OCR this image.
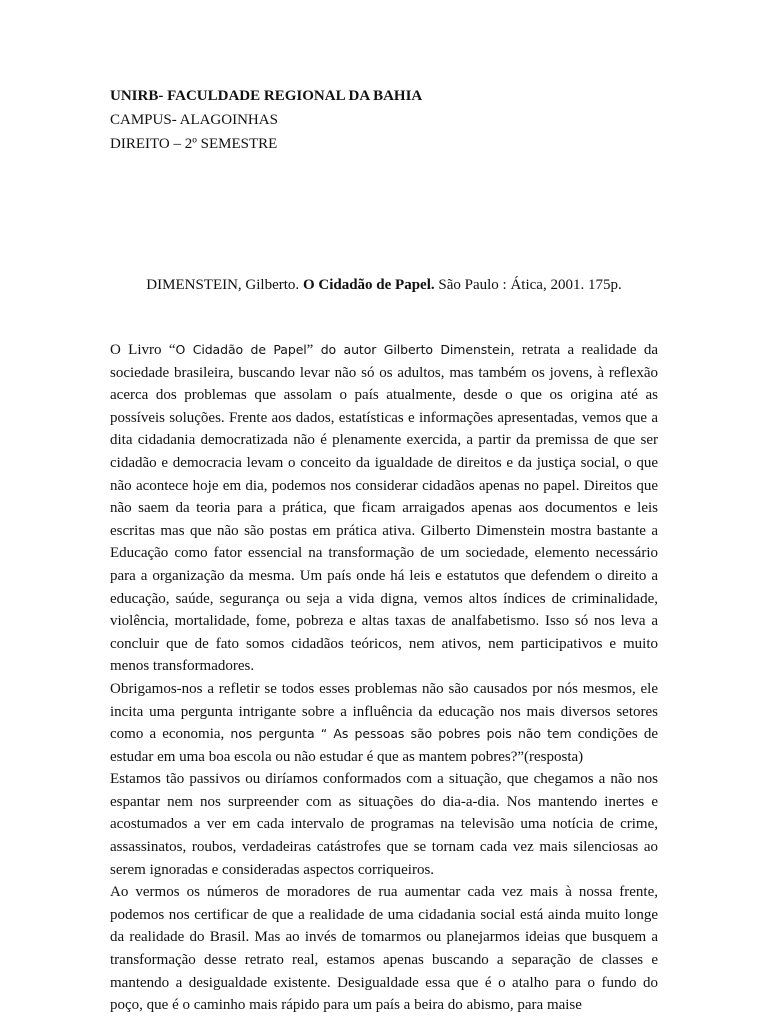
UNIRB- FACULDADE REGIONAL DA BAHIA
CAMPUS- ALAGOINHAS
DIREITO – 2º SEMESTRE
DIMENSTEIN, Gilberto. O Cidadão de Papel. São Paulo : Ática, 2001. 175p.

O Livro “O Cidadão de Papel” do autor Gilberto Dimenstein, retrata a realidade da sociedade brasileira, buscando levar não só os adultos, mas também os jovens, à reflexão acerca dos problemas que assolam o país atualmente, desde o que os origina até as possíveis soluções. Frente aos dados, estatísticas e informações apresentadas, vemos que a dita cidadania democratizada não é plenamente exercida, a partir da premissa de que ser cidadão e democracia levam o conceito da igualdade de direitos e da justiça social, o que não acontece hoje em dia, podemos nos considerar cidadãos apenas no papel. Direitos que não saem da teoria para a prática, que ficam arraigados apenas aos documentos e leis escritas mas que não são postas em prática ativa. Gilberto Dimenstein mostra bastante a Educação como fator essencial na transformação de um sociedade, elemento necessário para a organização da mesma. Um país onde há leis e estatutos que defendem o direito a educação, saúde, segurança ou seja a vida digna, vemos altos índices de criminalidade, violência, mortalidade, fome, pobreza e altas taxas de analfabetismo. Isso só nos leva a concluir que de fato somos cidadãos teóricos, nem ativos, nem participativos e muito menos transformadores.

Obrigamos-nos a refletir se todos esses problemas não são causados por nós mesmos, ele incita uma pergunta intrigante sobre a influência da educação nos mais diversos setores como a economia, nos pergunta “ As pessoas são pobres pois não tem condições de estudar em uma boa escola ou não estudar é que as mantem pobres?”(resposta)

Estamos tão passivos ou diríamos conformados com a situação, que chegamos a não nos espantar nem nos surpreender com as situações do dia-a-dia. Nos mantendo inertes e acostumados a ver em cada intervalo de programas na televisão uma notícia de crime, assassinatos, roubos, verdadeiras catástrofes que se tornam cada vez mais silenciosas ao serem ignoradas e consideradas aspectos corriqueiros.

Ao vermos os números de moradores de rua aumentar cada vez mais à nossa frente, podemos nos certificar de que a realidade de uma cidadania social está ainda muito longe da realidade do Brasil. Mas ao invés de tomarmos ou planejarmos ideias que busquem a transformação desse retrato real, estamos apenas buscando a separação de classes e mantendo a desigualdade existente. Desigualdade essa que é o atalho para o fundo do poço, que é o caminho mais rápido para um país a beira do abismo, para maise
